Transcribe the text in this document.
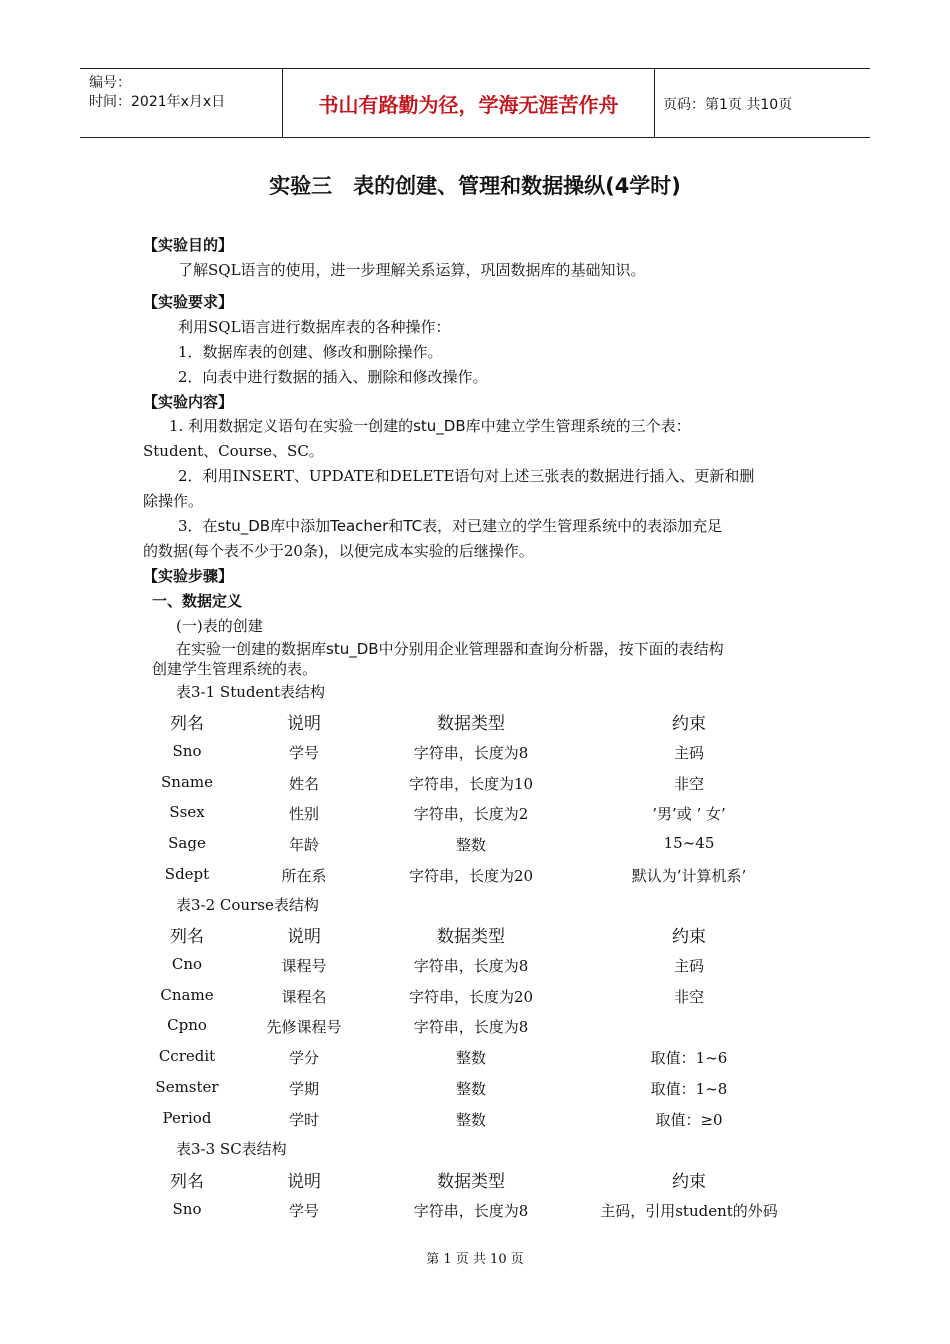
编号：
时间：2021年x月x日	书山有路勤为径，学海无涯苦作舟	页码：第1页 共10页
实验三　表的创建、管理和数据操纵(4学时)
【实验目的】
了解SQL语言的使用，进一步理解关系运算，巩固数据库的基础知识。
【实验要求】
利用SQL语言进行数据库表的各种操作：
1．数据库表的创建、修改和删除操作。
2．向表中进行数据的插入、删除和修改操作。
【实验内容】
1. 利用数据定义语句在实验一创建的stu_DB库中建立学生管理系统的三个表：
Student、Course、SC。
2．利用INSERT、UPDATE和DELETE语句对上述三张表的数据进行插入、更新和删
除操作。
3．在stu_DB库中添加Teacher和TC表，对已建立的学生管理系统中的表添加充足
的数据(每个表不少于20条)，以便完成本实验的后继操作。
【实验步骤】
一、数据定义
(一)表的创建
在实验一创建的数据库stu_DB中分别用企业管理器和查询分析器，按下面的表结构
创建学生管理系统的表。
表3-1 Student表结构
列名	说明	数据类型	约束
Sno	学号	字符串，长度为8	主码
Sname	姓名	字符串，长度为10	非空
Ssex	性别	字符串，长度为2	’男’或 ’ 女’
Sage	年龄	整数	15~45
Sdept	所在系	字符串，长度为20	默认为’计算机系’
表3-2 Course表结构
列名	说明	数据类型	约束
Cno	课程号	字符串，长度为8	主码
Cname	课程名	字符串，长度为20	非空
Cpno	先修课程号	字符串，长度为8
Ccredit	学分	整数	取值：1~6
Semster	学期	整数	取值：1~8
Period	学时	整数	取值：≥0
表3-3 SC表结构
列名	说明	数据类型	约束
Sno	学号	字符串，长度为8	主码，引用student的外码
第 1 页 共 10 页
